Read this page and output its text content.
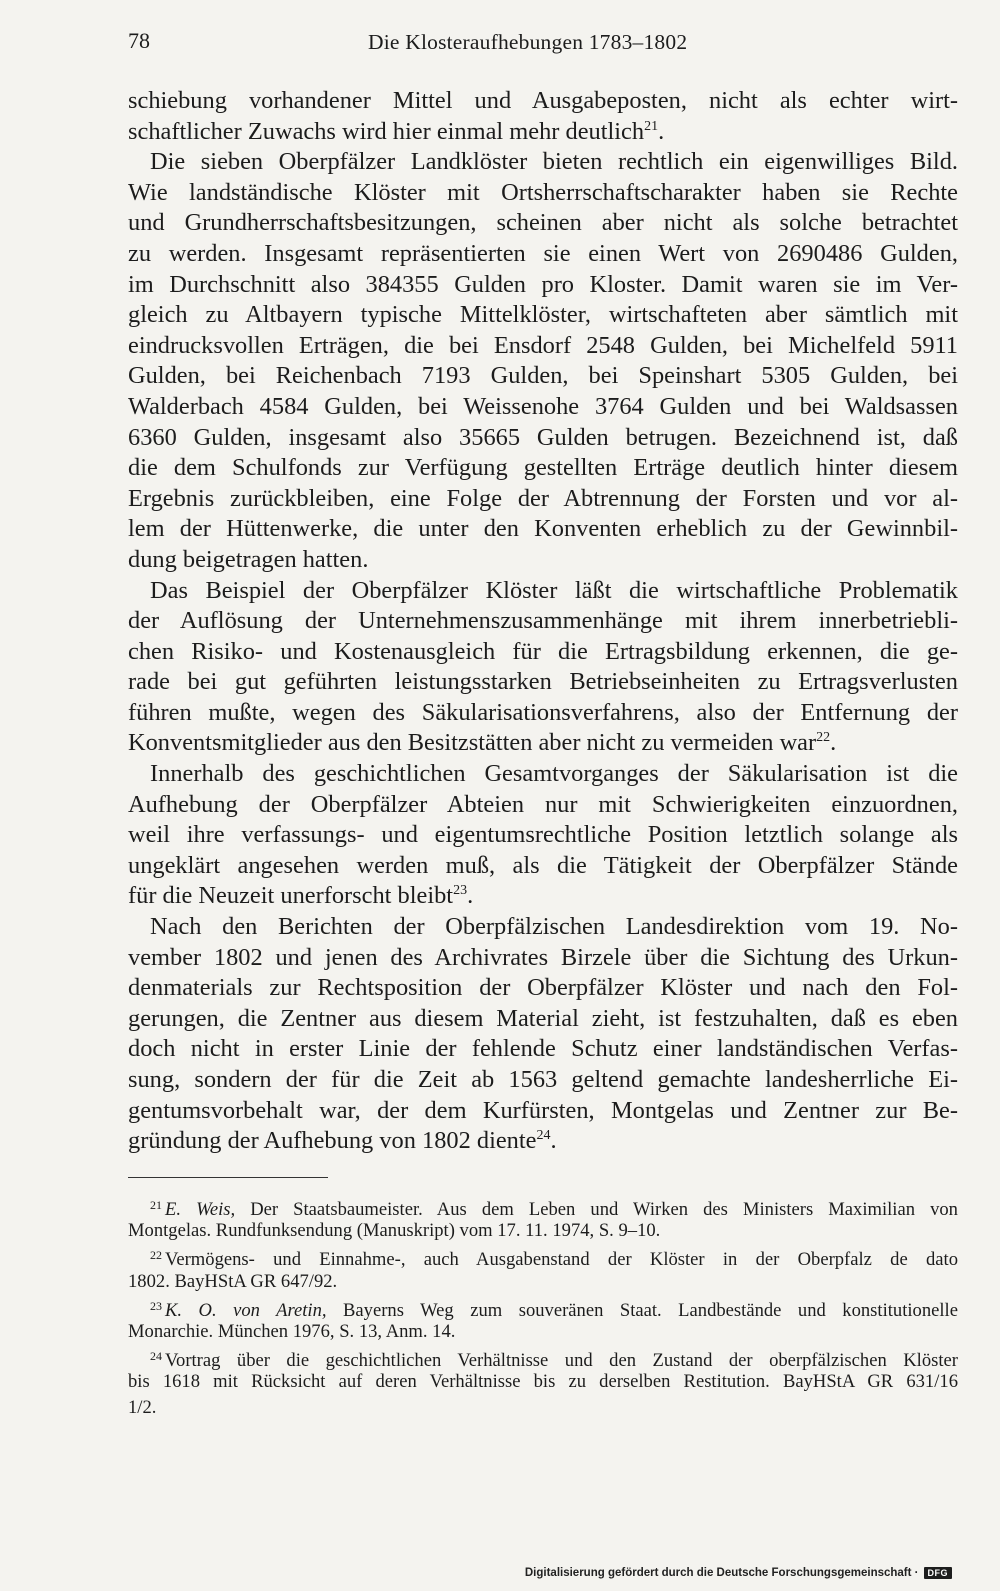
78	Die Klosteraufhebungen 1783–1802
schiebung vorhandener Mittel und Ausgabeposten, nicht als echter wirt-
schaftlicher Zuwachs wird hier einmal mehr deutlich$^{21}$.
Die sieben Oberpfälzer Landklöster bieten rechtlich ein eigenwilliges Bild.
Wie landständische Klöster mit Ortsherrschaftscharakter haben sie Rechte
und Grundherrschaftsbesitzungen, scheinen aber nicht als solche betrachtet
zu werden. Insgesamt repräsentierten sie einen Wert von 2690486 Gulden,
im Durchschnitt also 384355 Gulden pro Kloster. Damit waren sie im Ver-
gleich zu Altbayern typische Mittelklöster, wirtschafteten aber sämtlich mit
eindrucksvollen Erträgen, die bei Ensdorf 2548 Gulden, bei Michelfeld 5911
Gulden, bei Reichenbach 7193 Gulden, bei Speinshart 5305 Gulden, bei
Walderbach 4584 Gulden, bei Weissenohe 3764 Gulden und bei Waldsassen
6360 Gulden, insgesamt also 35665 Gulden betrugen. Bezeichnend ist, daß
die dem Schulfonds zur Verfügung gestellten Erträge deutlich hinter diesem
Ergebnis zurückbleiben, eine Folge der Abtrennung der Forsten und vor al-
lem der Hüttenwerke, die unter den Konventen erheblich zu der Gewinnbil-
dung beigetragen hatten.
Das Beispiel der Oberpfälzer Klöster läßt die wirtschaftliche Problematik
der Auflösung der Unternehmenszusammenhänge mit ihrem innerbetriebli-
chen Risiko- und Kostenausgleich für die Ertragsbildung erkennen, die ge-
rade bei gut geführten leistungsstarken Betriebseinheiten zu Ertragsverlusten
führen mußte, wegen des Säkularisationsverfahrens, also der Entfernung der
Konventsmitglieder aus den Besitzstätten aber nicht zu vermeiden war$^{22}$.
Innerhalb des geschichtlichen Gesamtvorganges der Säkularisation ist die
Aufhebung der Oberpfälzer Abteien nur mit Schwierigkeiten einzuordnen,
weil ihre verfassungs- und eigentumsrechtliche Position letztlich solange als
ungeklärt angesehen werden muß, als die Tätigkeit der Oberpfälzer Stände
für die Neuzeit unerforscht bleibt$^{23}$.
Nach den Berichten der Oberpfälzischen Landesdirektion vom 19. No-
vember 1802 und jenen des Archivrates Birzele über die Sichtung des Urkun-
denmaterials zur Rechtsposition der Oberpfälzer Klöster und nach den Fol-
gerungen, die Zentner aus diesem Material zieht, ist festzuhalten, daß es eben
doch nicht in erster Linie der fehlende Schutz einer landständischen Verfas-
sung, sondern der für die Zeit ab 1563 geltend gemachte landesherrliche Ei-
gentumsvorbehalt war, der dem Kurfürsten, Montgelas und Zentner zur Be-
gründung der Aufhebung von 1802 diente$^{24}$.
$^{21}$ E. Weis, Der Staatsbaumeister. Aus dem Leben und Wirken des Ministers Maximilian von
Montgelas. Rundfunksendung (Manuskript) vom 17. 11. 1974, S. 9–10.
$^{22}$ Vermögens- und Einnahme-, auch Ausgabenstand der Klöster in der Oberpfalz de dato
1802. BayHStA GR 647/92.
$^{23}$ K. O. von Aretin, Bayerns Weg zum souveränen Staat. Landbestände und konstitutionelle
Monarchie. München 1976, S. 13, Anm. 14.
$^{24}$ Vortrag über die geschichtlichen Verhältnisse und den Zustand der oberpfälzischen Klöster
bis 1618 mit Rücksicht auf deren Verhältnisse bis zu derselben Restitution. BayHStA GR 631/16
1/2.
Digitalisierung gefördert durch die Deutsche Forschungsgemeinschaft ·	DFG
